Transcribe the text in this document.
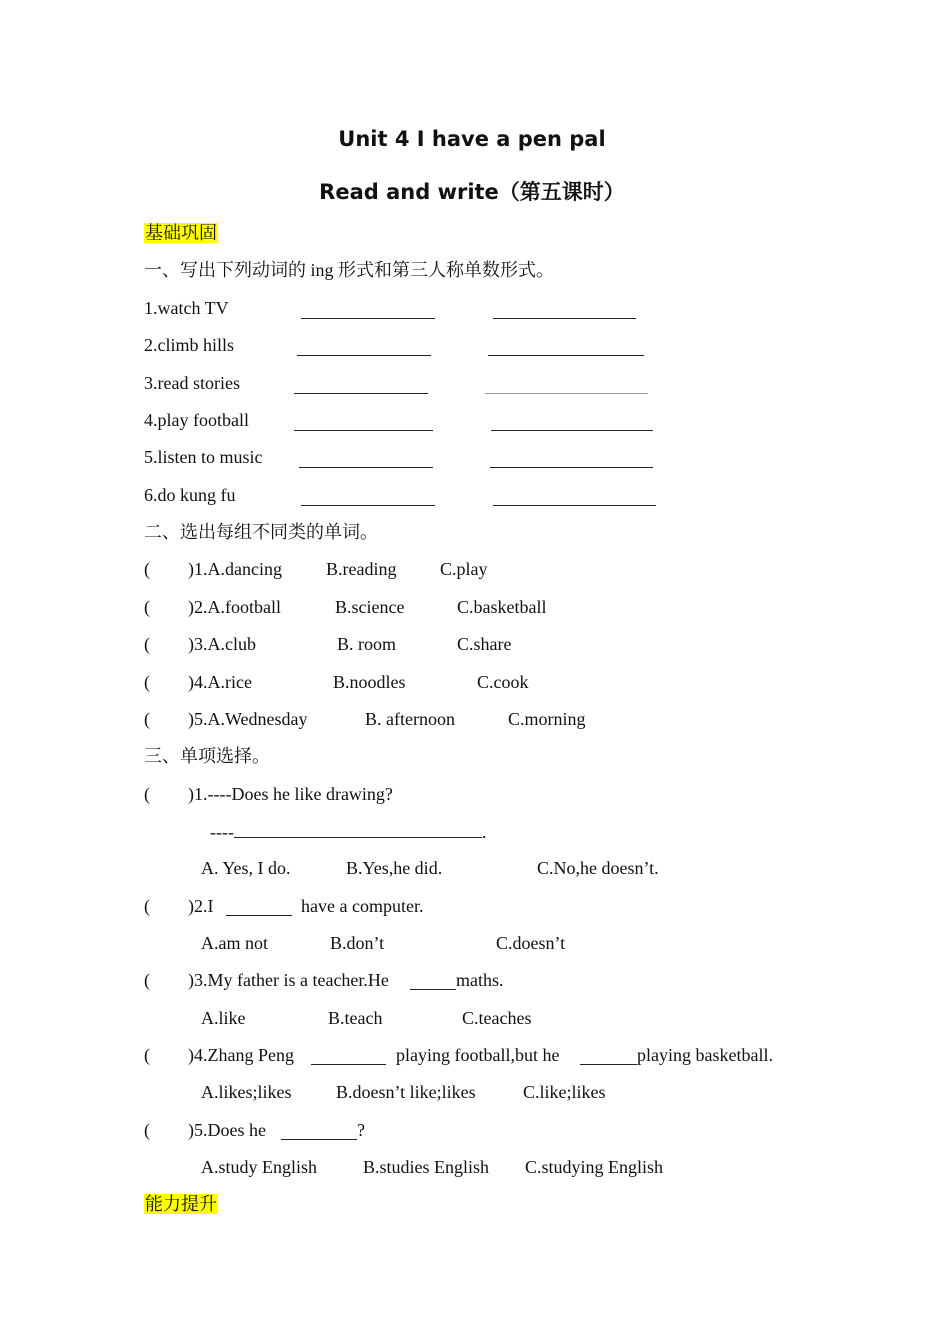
Unit 4 I have a pen pal
Read and write（第五课时）
基础巩固
一、写出下列动词的 ing 形式和第三人称单数形式。
1.watch TV
2.climb hills
3.read stories
4.play football
5.listen to music
6.do kung fu
二、选出每组不同类的单词。
( )1.A.dancing B.reading C.play
( )2.A.football	B.science	C.basketball
( )3.A.club	B. room	C.share
( )4.A.rice	B.noodles	C.cook
( )5.A.Wednesday	B. afternoon	C.morning
三、单项选择。
( )1.----Does he like drawing?
----	.
A. Yes, I do.	B.Yes,he did.	C.No,he doesn’t.
( )2.I	have a computer.
A.am not	B.don’t	C.doesn’t
( )3.My father is a teacher.He	maths.
A.like	B.teach	C.teaches
( )4.Zhang Peng	playing football,but he	playing basketball.
A.likes;likes B.doesn’t like;likes	C.like;likes
( )5.Does he	?
A.study English	B.studies English C.studying English
能力提升
